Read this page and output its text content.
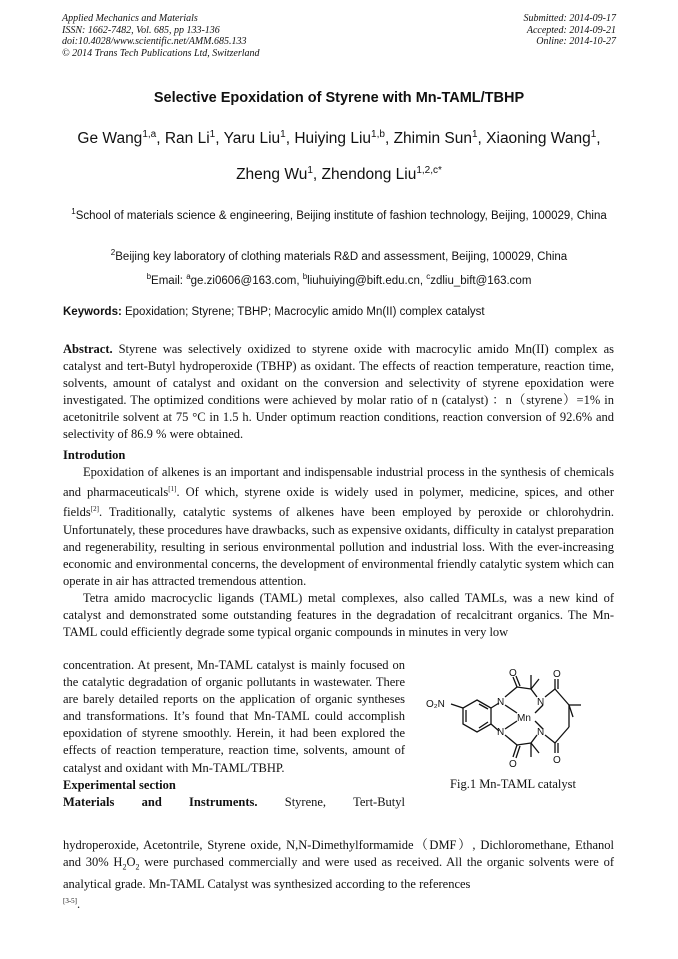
Applied Mechanics and Materials
ISSN: 1662-7482, Vol. 685, pp 133-136
doi:10.4028/www.scientific.net/AMM.685.133
© 2014 Trans Tech Publications Ltd, Switzerland
Submitted: 2014-09-17
Accepted: 2014-09-21
Online: 2014-10-27
Selective Epoxidation of Styrene with Mn-TAML/TBHP
Ge Wang$^{1,a}$, Ran Li$^1$, Yaru Liu$^1$, Huiying Liu$^{1,b}$, Zhimin Sun$^1$, Xiaoning Wang$^1$,
Zheng Wu$^1$, Zhendong Liu$^{1,2,c*}$
$^1$School of materials science & engineering, Beijing institute of fashion technology, Beijing, 100029, China
$^2$Beijing key laboratory of clothing materials R&D and assessment, Beijing, 100029, China
$^b$Email: $^a$ge.zi0606@163.com, $^b$liuhuiying@bift.edu.cn, $^c$zdliu_bift@163.com
Keywords: Epoxidation; Styrene; TBHP; Macrocylic amido Mn(II) complex catalyst

Abstract. Styrene was selectively oxidized to styrene oxide with macrocylic amido Mn(II) complex as catalyst and tert-Butyl hydroperoxide (TBHP) as oxidant. The effects of reaction temperature, reaction time, solvents, amount of catalyst and oxidant on the conversion and selectivity of styrene epoxidation were investigated. The optimized conditions were achieved by molar ratio of n (catalyst) ：n（styrene）=1% in acetonitrile solvent at 75 °C in 1.5 h. Under optimum reaction conditions, reaction conversion of 92.6% and selectivity of 86.9 % were obtained.

Introdution

Epoxidation of alkenes is an important and indispensable industrial process in the synthesis of chemicals and pharmaceuticals[1]. Of which, styrene oxide is widely used in polymer, medicine, spices, and other fields[2]. Traditionally, catalytic systems of alkenes have been employed by peroxide or chlorohydrin. Unfortunately, these procedures have drawbacks, such as expensive oxidants, difficulty in catalyst preparation and regenerability, resulting in serious environmental pollution and industrial loss. With the ever-increasing economic and environmental concerns, the development of environmental friendly catalytic system which can operate in air has attracted tremendous attention.

Tetra amido macrocyclic ligands (TAML) metal complexes, also called TAMLs, was a new kind of catalyst and demonstrated some outstanding features in the degradation of recalcitrant organics. The Mn-TAML could efficiently degrade some typical organic compounds in minutes in very low

concentration. At present, Mn-TAML catalyst is mainly focused on the catalytic degradation of organic pollutants in wastewater. There are barely detailed reports on the application of organic syntheses and transformations. It’s found that Mn-TAML could accomplish epoxidation of styrene smoothly. Herein, it had been explored the effects of reaction temperature, reaction time, solvents, amount of catalyst and oxidant with Mn-TAML/TBHP.

Experimental section

Materials and Instruments. Styrene, Tert-Butyl

hydroperoxide, Acetontrile, Styrene oxide, N,N-Dimethylformamide（DMF）, Dichloromethane, Ethanol and 30% $H_2O_2$ were purchased commercially and were used as received. All the organic solvents were of analytical grade. Mn-TAML Catalyst was synthesized according to the references
[3-5].

O₂N	N
N
N
N
Mn
O	O
O	O
Fig.1 Mn-TAML catalyst
